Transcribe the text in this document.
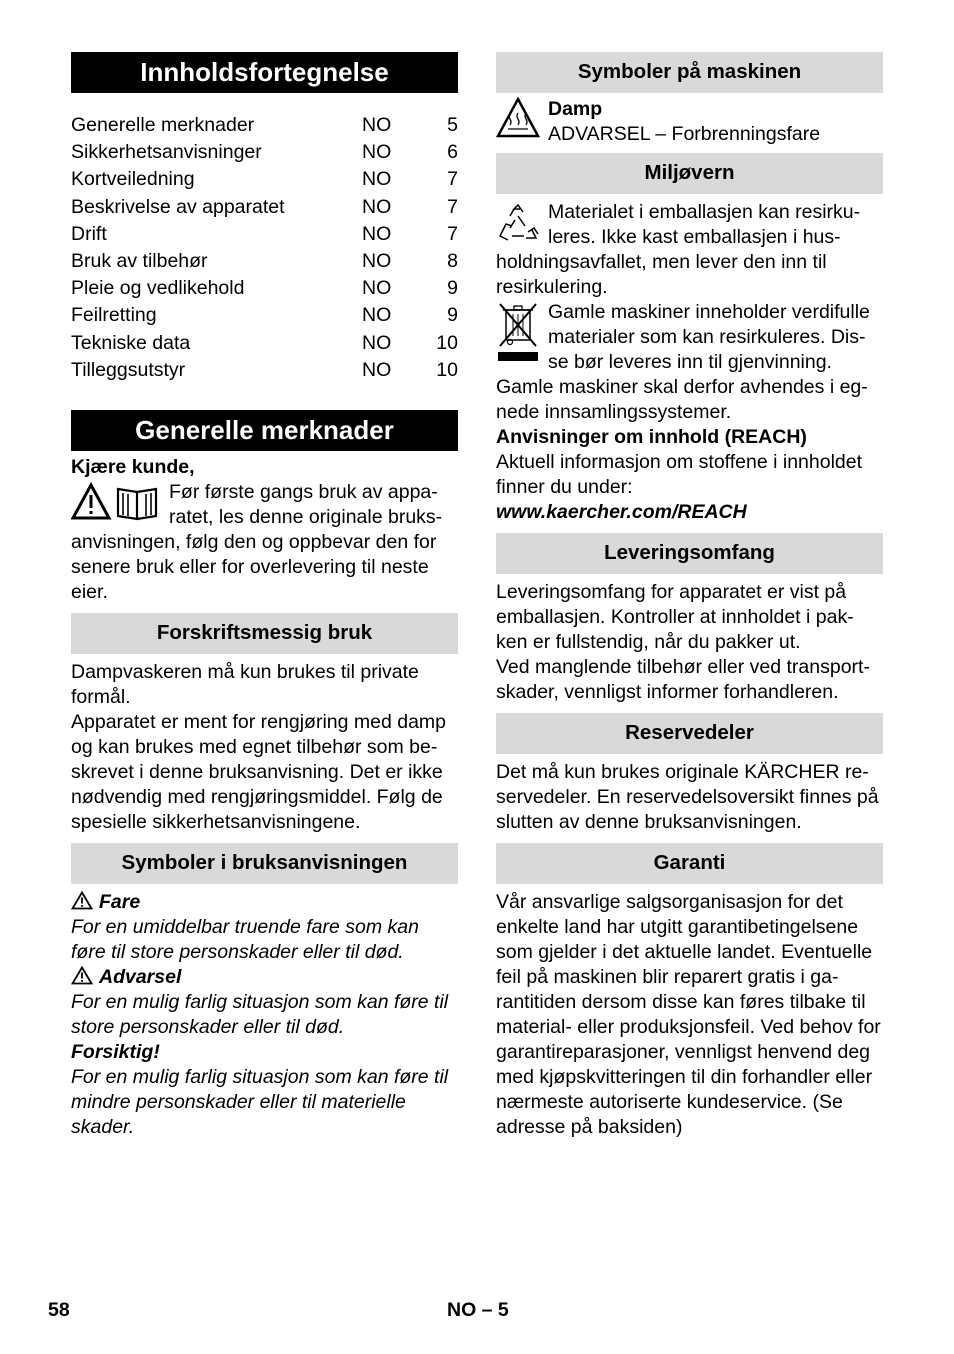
Innholdsfortegnelse
Generelle merknader	NO	5
Sikkerhetsanvisninger	NO	6
Kortveiledning	NO	7
Beskrivelse av apparatet	NO	7
Drift	NO	7
Bruk av tilbehør	NO	8
Pleie og vedlikehold	NO	9
Feilretting	NO	9
Tekniske data	NO	10
Tilleggsutstyr	NO	10
Generelle merknader

Kjære kunde,

Før første gangs bruk av appa-

ratet, les denne originale bruks-

anvisningen, følg den og oppbevar den for senere bruk eller for overlevering til neste eier.

Forskriftsmessig bruk

Dampvaskeren må kun brukes til private formål.

Apparatet er ment for rengjøring med damp og kan brukes med egnet tilbehør som be-skrevet i denne bruksanvisning. Det er ikke nødvendig med rengjøringsmiddel. Følg de spesielle sikkerhetsanvisningene.

Symboler i bruksanvisningen

Fare

For en umiddelbar truende fare som kan føre til store personskader eller til død.

Advarsel

For en mulig farlig situasjon som kan føre til store personskader eller til død.

Forsiktig!

For en mulig farlig situasjon som kan føre til mindre personskader eller til materielle skader.

Symboler på maskinen

Damp

ADVARSEL – Forbrenningsfare

Miljøvern

Materialet i emballasjen kan resirku-

leres. Ikke kast emballasjen i hus-

holdningsavfallet, men lever den inn til resirkulering.

Gamle maskiner inneholder verdifulle

materialer som kan resirkuleres. Dis-

se bør leveres inn til gjenvinning.

Gamle maskiner skal derfor avhendes i eg-nede innsamlingssystemer.

Anvisninger om innhold (REACH)

Aktuell informasjon om stoffene i innholdet finner du under:

www.kaercher.com/REACH

Leveringsomfang

Leveringsomfang for apparatet er vist på emballasjen. Kontroller at innholdet i pak-ken er fullstendig, når du pakker ut.

Ved manglende tilbehør eller ved transport-skader, vennligst informer forhandleren.

Reservedeler

Det må kun brukes originale KÄRCHER re-servedeler. En reservedelsoversikt finnes på slutten av denne bruksanvisningen.

Garanti

Vår ansvarlige salgsorganisasjon for det enkelte land har utgitt garantibetingelsene som gjelder i det aktuelle landet. Eventuelle feil på maskinen blir reparert gratis i ga-rantitiden dersom disse kan føres tilbake til material- eller produksjonsfeil. Ved behov for garantireparasjoner, vennligst henvend deg med kjøpskvitteringen til din forhandler eller nærmeste autoriserte kundeservice. (Se adresse på baksiden)

58	NO – 5
